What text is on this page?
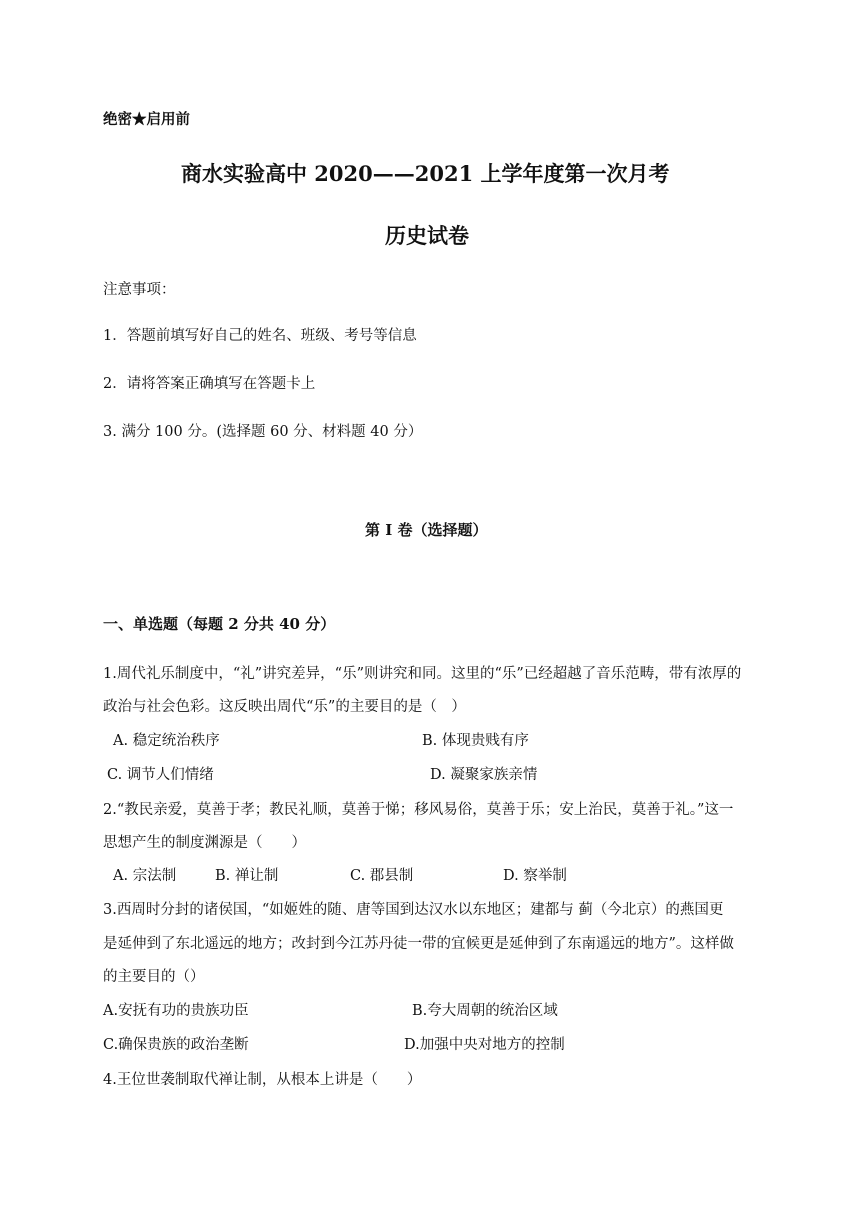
绝密★启用前
商水实验高中 2020——2021 上学年度第一次月考
历史试卷
注意事项：
1．答题前填写好自己的姓名、班级、考号等信息
2．请将答案正确填写在答题卡上
3. 满分 100 分。(选择题 60 分、材料题 40 分）
第 I 卷（选择题）
一、单选题（每题 2 分共 40 分）
1.周代礼乐制度中，“礼”讲究差异，“乐”则讲究和同。这里的“乐”已经超越了音乐范畴，带有浓厚的
政治与社会色彩。这反映出周代“乐”的主要目的是（　）
A. 稳定统治秩序	B. 体现贵贱有序
C. 调节人们情绪	D. 凝聚家族亲情
2.“教民亲爱，莫善于孝；教民礼顺，莫善于悌；移风易俗，莫善于乐；安上治民，莫善于礼。”这一
思想产生的制度渊源是（　　）
A. 宗法制	B. 禅让制	C. 郡县制	D. 察举制
3.西周时分封的诸侯国，“如姬姓的随、唐等国到达汉水以东地区；建都与 蓟（今北京）的燕国更
是延伸到了东北遥远的地方；改封到今江苏丹徒一带的宜候更是延伸到了东南遥远的地方”。这样做
的主要目的（）
A.安抚有功的贵族功臣	B.夸大周朝的统治区域
C.确保贵族的政治垄断	D.加强中央对地方的控制
4.王位世袭制取代禅让制，从根本上讲是（　　）
